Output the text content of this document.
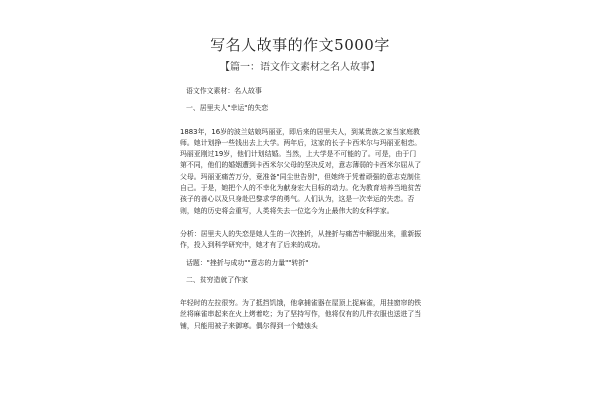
写名人故事的作文5000字
【篇一：语文作文素材之名人故事】

语文作文素材：名人故事

一、居里夫人"幸运"的失恋

1883年，16岁的波兰姑娘玛丽亚，即后来的居里夫人，到某贵族之家当家庭教师。她计划挣一些钱出去上大学。两年后，这家的长子卡西米尔与玛丽亚相恋。玛丽亚刚过19岁，他们计划结婚。当然，上大学是不可能的了。可是，由于门第不同，他们的婚姻遭到卡西米尔父母的坚决反对，意志薄弱的卡西米尔屈从了父母。玛丽亚痛苦万分，竟准备"同尘世告别"，但她终于凭着顽强的意志克制住自己。于是，她把个人的不幸化为献身宏大目标的动力。化为教育培养当地贫苦孩子的善心以及只身赴巴黎求学的勇气。人们认为，这是一次幸运的失恋。否则，她的历史将会重写，人类将失去一位迄今为止最伟大的女科学家。

分析：居里夫人的失恋是她人生的一次挫折，从挫折与痛苦中解脱出来，重新振作，投入到科学研究中，她才有了后来的成功。

话题："挫折与成功""意志的力量""转折"

二、贫穷造就了作家

年轻时的左拉很穷。为了抵挡饥饿，他拿捕雀器在屋顶上捉麻雀，用挂窗帘的铁丝将麻雀串起来在火上烤着吃；为了坚持写作，他将仅有的几件衣服也送进了当铺，只能用被子来御寒。偶尔得到一个蜡烛头
